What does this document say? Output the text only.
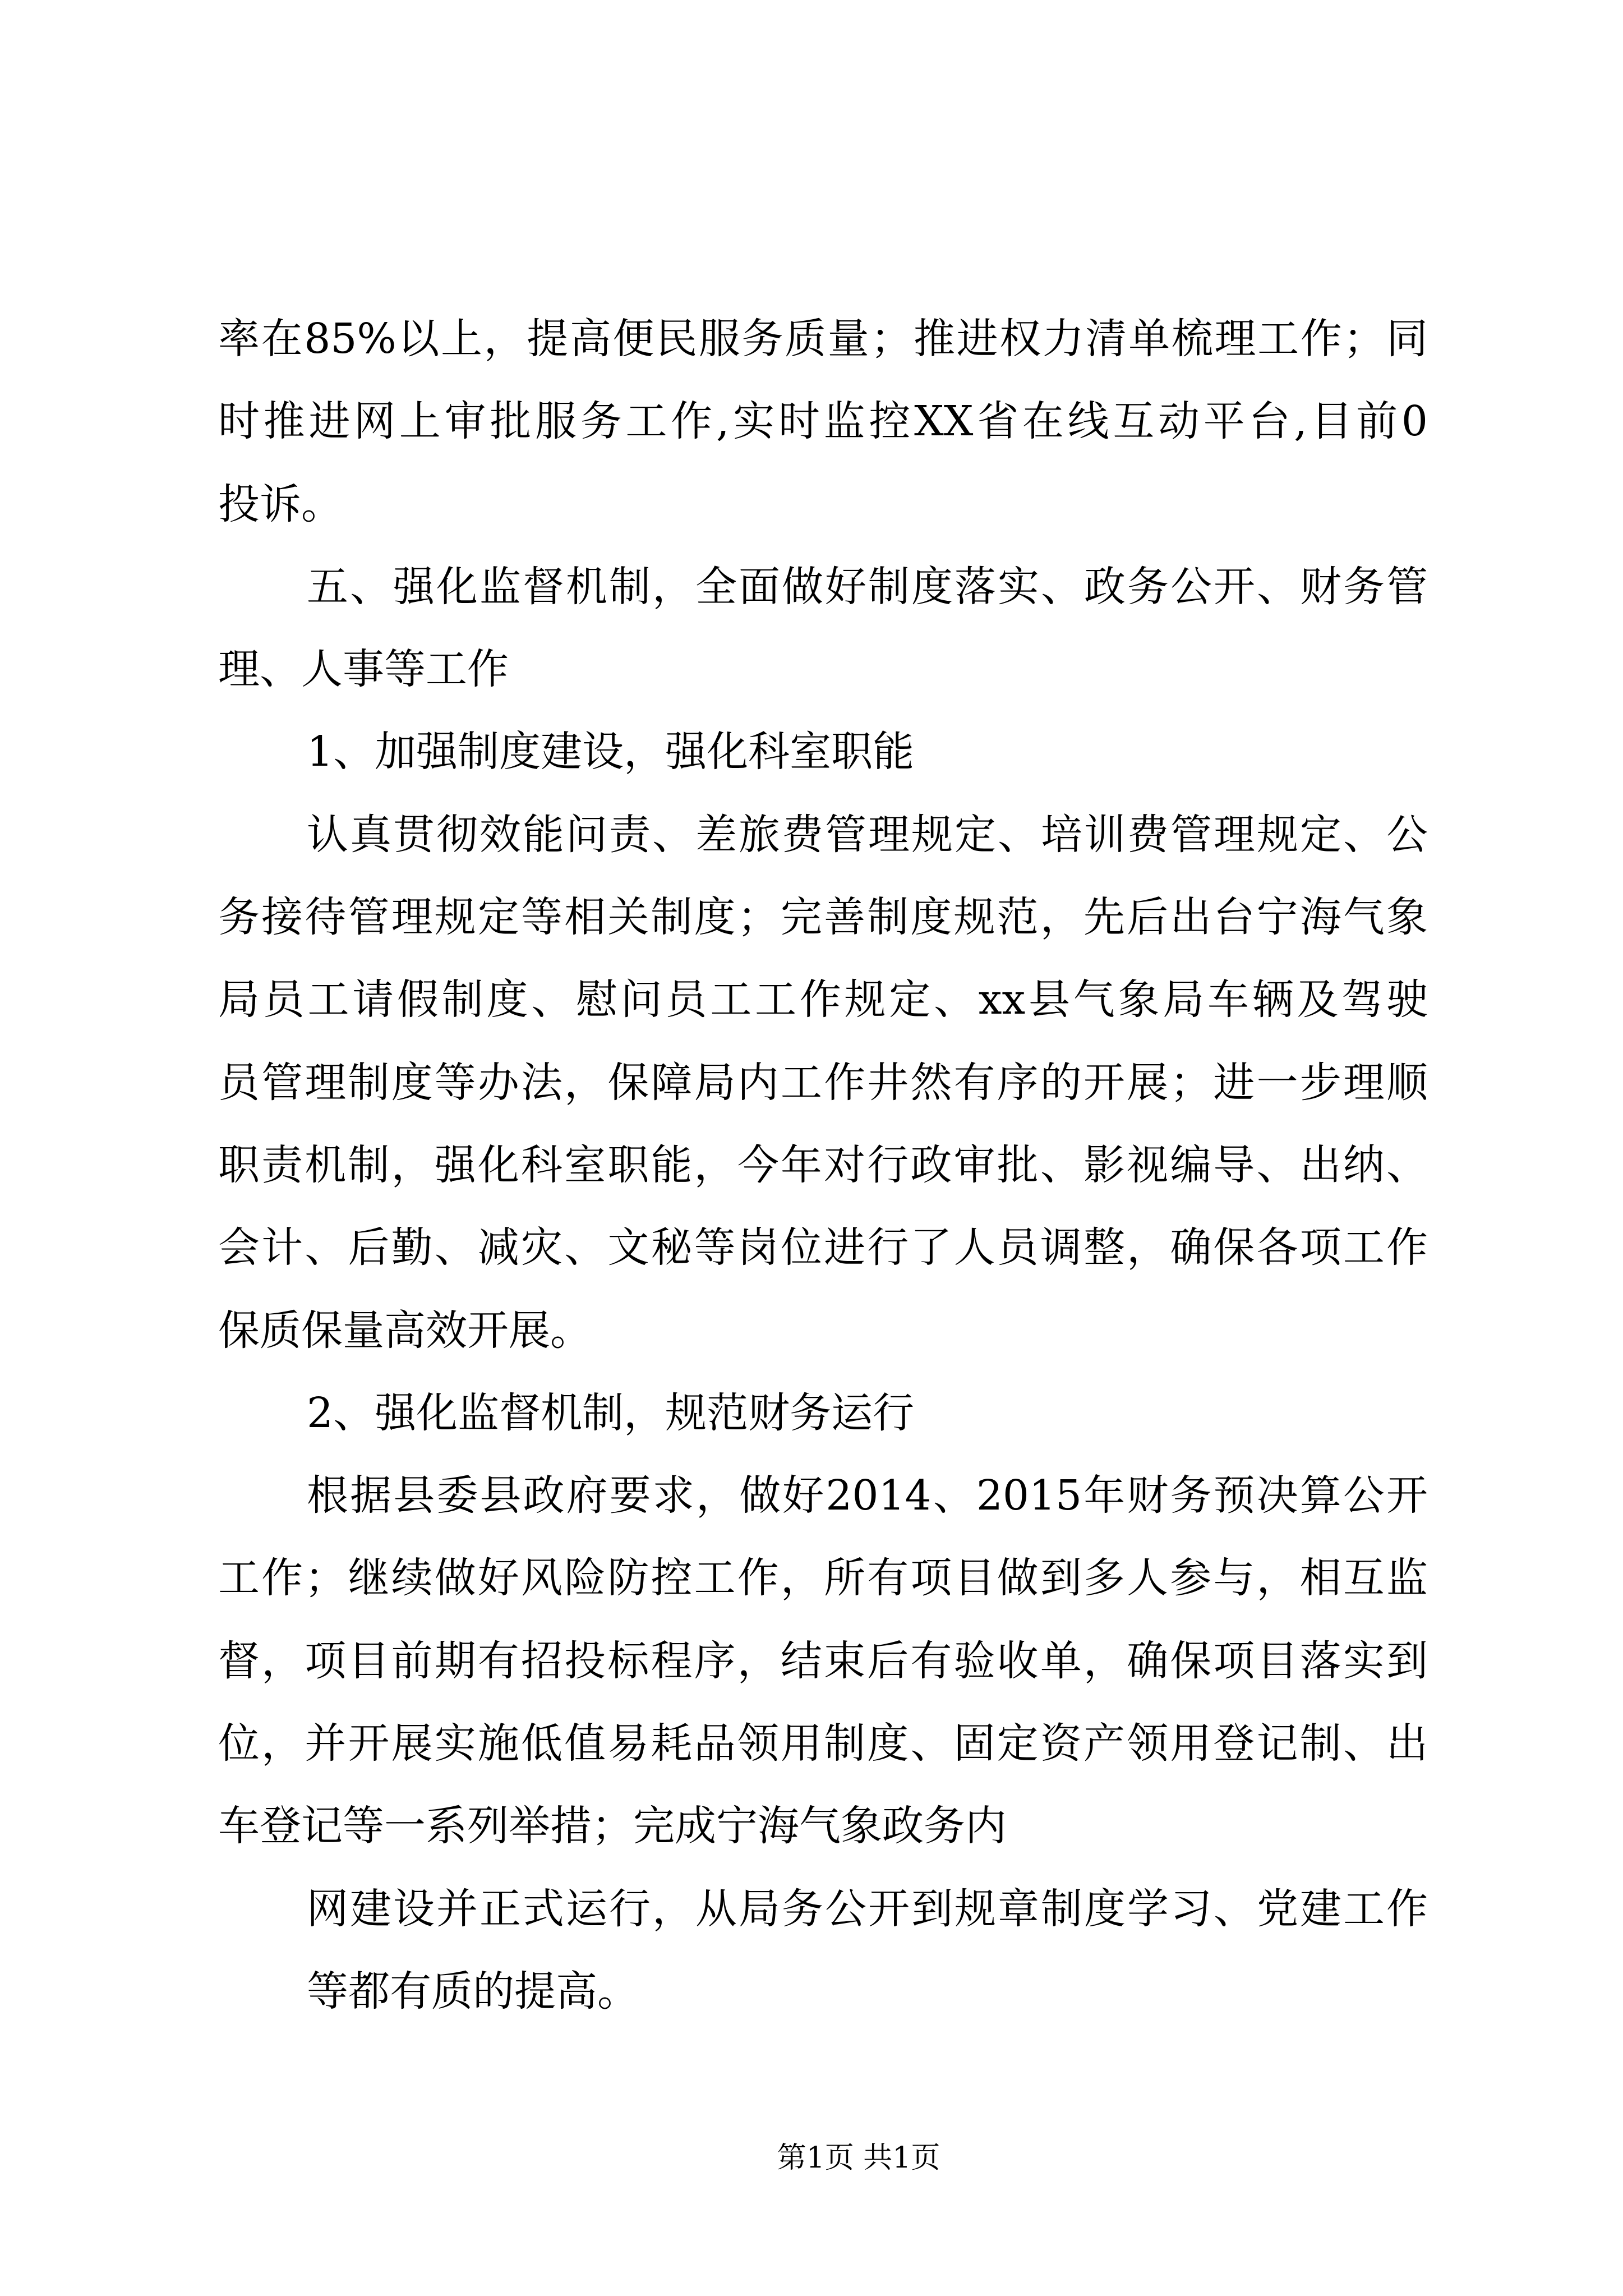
率在85%以上，提高便民服务质量；推进权力清单梳理工作；同
时推进网上审批服务工作,实时监控XX省在线互动平台,目前0
投诉。
五、强化监督机制，全面做好制度落实、政务公开、财务管
理、人事等工作
1、加强制度建设，强化科室职能
认真贯彻效能问责、差旅费管理规定、培训费管理规定、公
务接待管理规定等相关制度；完善制度规范，先后出台宁海气象
局员工请假制度、慰问员工工作规定、xx县气象局车辆及驾驶
员管理制度等办法，保障局内工作井然有序的开展；进一步理顺
职责机制，强化科室职能，今年对行政审批、影视编导、出纳、
会计、后勤、减灾、文秘等岗位进行了人员调整，确保各项工作
保质保量高效开展。
2、强化监督机制，规范财务运行
根据县委县政府要求，做好2014、2015年财务预决算公开
工作；继续做好风险防控工作，所有项目做到多人参与，相互监
督，项目前期有招投标程序，结束后有验收单，确保项目落实到
位，并开展实施低值易耗品领用制度、固定资产领用登记制、出
车登记等一系列举措；完成宁海气象政务内
网建设并正式运行，从局务公开到规章制度学习、党建工作
等都有质的提高。
第1页 共1页
